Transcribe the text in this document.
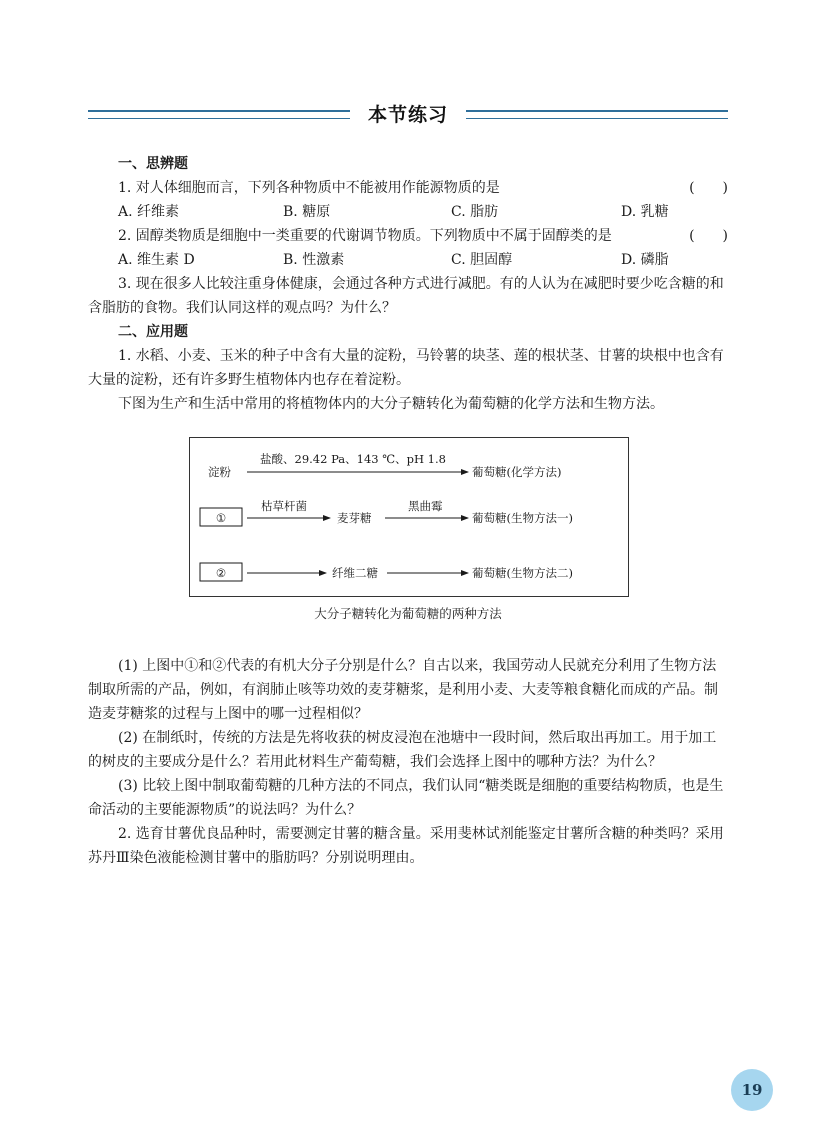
本节练习

一、思辨题

1. 对人体细胞而言，下列各种物质中不能被用作能源物质的是	(　　)
A. 纤维素	B. 糖原	C. 脂肪	D. 乳糖
2. 固醇类物质是细胞中一类重要的代谢调节物质。下列物质中不属于固醇类的是	(　　)
A. 维生素 D	B. 性激素	C. 胆固醇	D. 磷脂

3. 现在很多人比较注重身体健康，会通过各种方式进行减肥。有的人认为在减肥时要少吃含糖的和含脂肪的食物。我们认同这样的观点吗？为什么？

二、应用题

1. 水稻、小麦、玉米的种子中含有大量的淀粉，马铃薯的块茎、莲的根状茎、甘薯的块根中也含有大量的淀粉，还有许多野生植物体内也存在着淀粉。

下图为生产和生活中常用的将植物体内的大分子糖转化为葡萄糖的化学方法和生物方法。

淀粉
盐酸、29.42 Pa、143 ℃、pH 1.8
葡萄糖(化学方法)
①
枯草杆菌
麦芽糖
黑曲霉
葡萄糖(生物方法一)
②	纤维二糖	葡萄糖(生物方法二)
大分子糖转化为葡萄糖的两种方法

(1) 上图中①和②代表的有机大分子分别是什么？自古以来，我国劳动人民就充分利用了生物方法制取所需的产品，例如，有润肺止咳等功效的麦芽糖浆，是利用小麦、大麦等粮食糖化而成的产品。制造麦芽糖浆的过程与上图中的哪一过程相似？

(2) 在制纸时，传统的方法是先将收获的树皮浸泡在池塘中一段时间，然后取出再加工。用于加工的树皮的主要成分是什么？若用此材料生产葡萄糖，我们会选择上图中的哪种方法？为什么？

(3) 比较上图中制取葡萄糖的几种方法的不同点，我们认同“糖类既是细胞的重要结构物质，也是生命活动的主要能源物质”的说法吗？为什么？

2. 选育甘薯优良品种时，需要测定甘薯的糖含量。采用斐林试剂能鉴定甘薯所含糖的种类吗？采用苏丹Ⅲ染色液能检测甘薯中的脂肪吗？分别说明理由。

19
